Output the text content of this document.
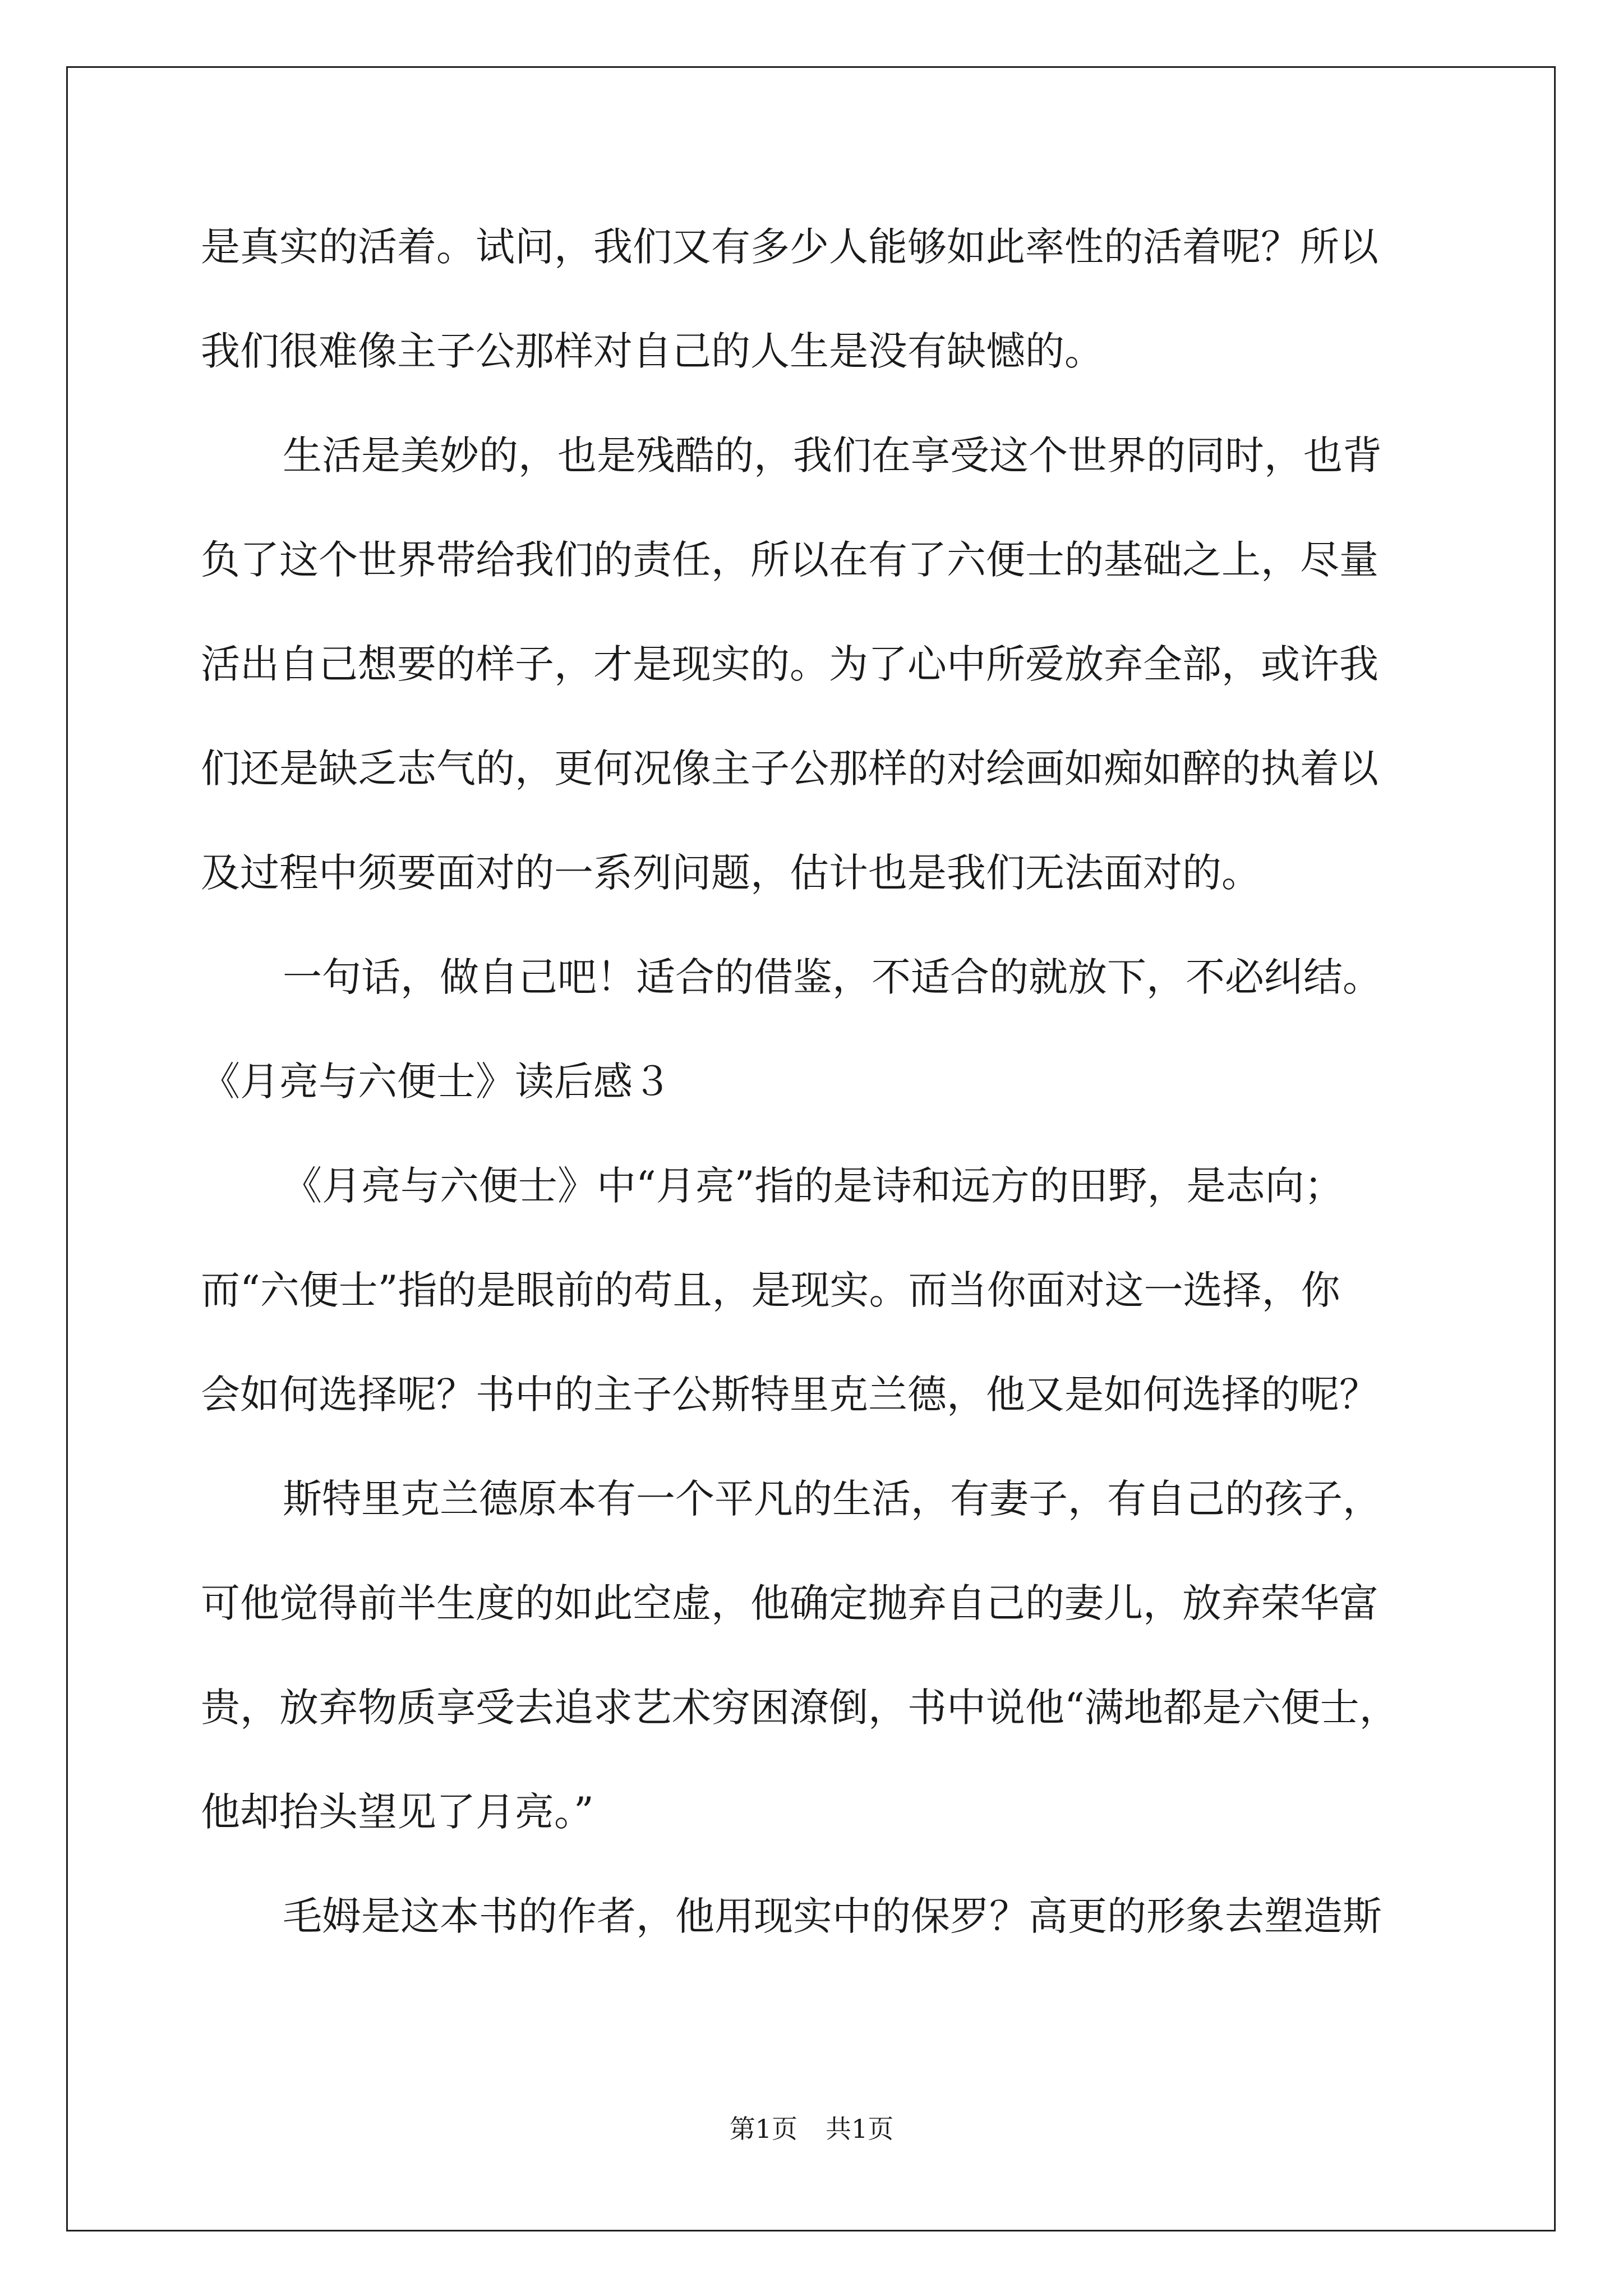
是真实的活着。试问，我们又有多少人能够如此率性的活着呢？所以
我们很难像主子公那样对自己的人生是没有缺憾的。
生活是美妙的，也是残酷的，我们在享受这个世界的同时，也背
负了这个世界带给我们的责任，所以在有了六便士的基础之上，尽量
活出自己想要的样子，才是现实的。为了心中所爱放弃全部，或许我
们还是缺乏志气的，更何况像主子公那样的对绘画如痴如醉的执着以
及过程中须要面对的一系列问题，估计也是我们无法面对的。
一句话，做自己吧！适合的借鉴，不适合的就放下，不必纠结。
《月亮与六便士》读后感３
《月亮与六便士》中“月亮”指的是诗和远方的田野，是志向；
而“六便士”指的是眼前的苟且，是现实。而当你面对这一选择，你
会如何选择呢？书中的主子公斯特里克兰德，他又是如何选择的呢？
斯特里克兰德原本有一个平凡的生活，有妻子，有自己的孩子，
可他觉得前半生度的如此空虚，他确定抛弃自己的妻儿，放弃荣华富
贵，放弃物质享受去追求艺术穷困潦倒，书中说他“满地都是六便士，
他却抬头望见了月亮。”
毛姆是这本书的作者，他用现实中的保罗？高更的形象去塑造斯
第1页 共1页
